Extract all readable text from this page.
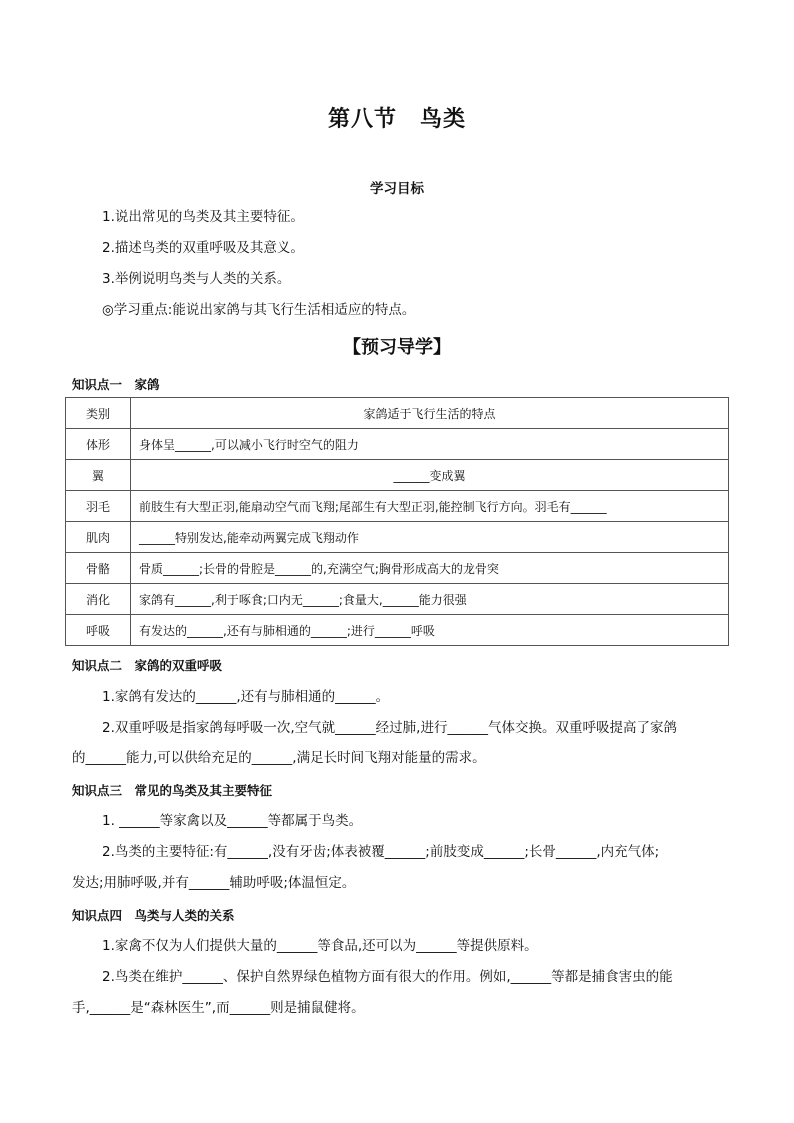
第八节　鸟类
学习目标
1.说出常见的鸟类及其主要特征。
2.描述鸟类的双重呼吸及其意义。
3.举例说明鸟类与人类的关系。
◎学习重点:能说出家鸽与其飞行生活相适应的特点。
【预习导学】
知识点一　家鸽
类别	家鸽适于飞行生活的特点
体形	身体呈______,可以减小飞行时空气的阻力
翼	______变成翼
羽毛	前肢生有大型正羽,能扇动空气而飞翔;尾部生有大型正羽,能控制飞行方向。羽毛有______
肌肉	______特别发达,能牵动两翼完成飞翔动作
骨骼	骨质______;长骨的骨腔是______的,充满空气;胸骨形成高大的龙骨突
消化	家鸽有______,利于啄食;口内无______;食量大,______能力很强
呼吸	有发达的______,还有与肺相通的______;进行______呼吸
知识点二　家鸽的双重呼吸
1.家鸽有发达的______,还有与肺相通的______。
2.双重呼吸是指家鸽每呼吸一次,空气就______经过肺,进行______气体交换。双重呼吸提高了家鸽
的______能力,可以供给充足的______,满足长时间飞翔对能量的需求。
知识点三　常见的鸟类及其主要特征
1. ______等家禽以及______等都属于鸟类。
2.鸟类的主要特征:有______,没有牙齿;体表被覆______;前肢变成______;长骨______,内充气体;
发达;用肺呼吸,并有______辅助呼吸;体温恒定。
知识点四　鸟类与人类的关系
1.家禽不仅为人们提供大量的______等食品,还可以为______等提供原料。
2.鸟类在维护______、保护自然界绿色植物方面有很大的作用。例如,______等都是捕食害虫的能
手,______是“森林医生”,而______则是捕鼠健将。
